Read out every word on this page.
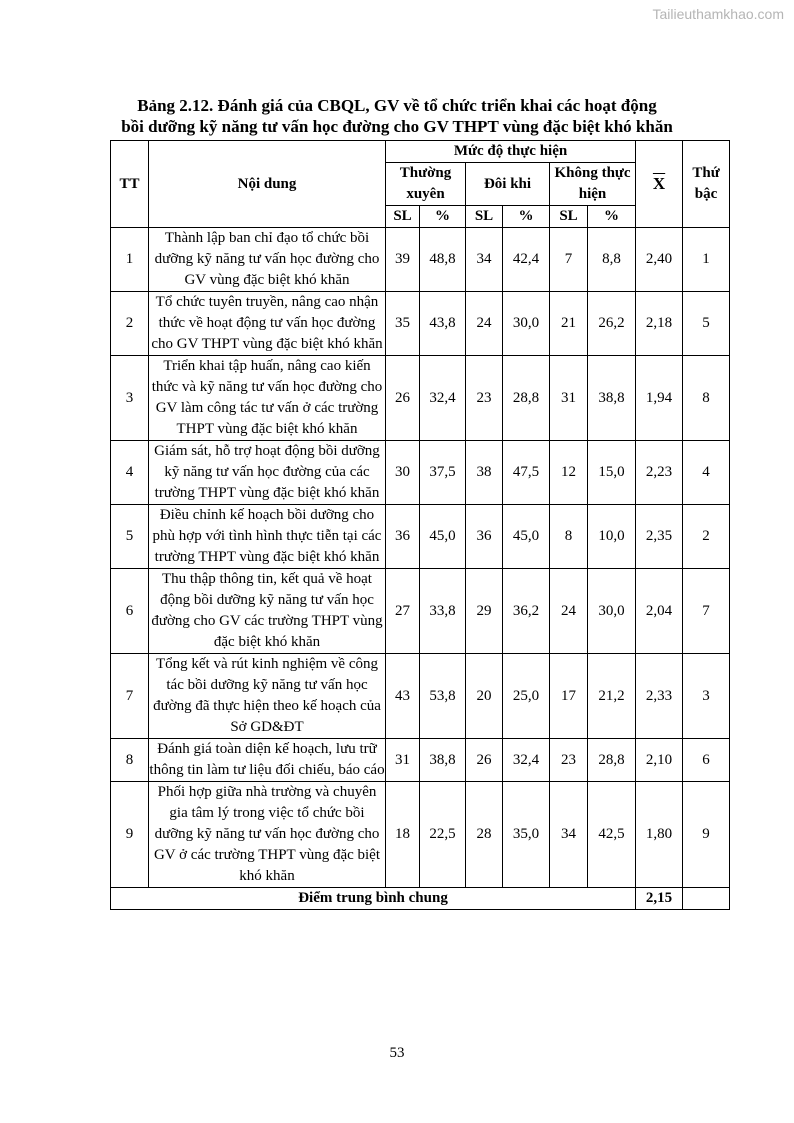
Tailieuthamkhao.com
Bảng 2.12. Đánh giá của CBQL, GV về tổ chức triển khai các hoạt động
bồi dưỡng kỹ năng tư vấn học đường cho GV THPT vùng đặc biệt khó khăn
TT	Nội dung	Mức độ thực hiện						$\overline{X}$	Thứ bậc
		Thường xuyên		Đôi khi		Không thực hiện			
		SL	%	SL	%	SL	%		
1	Thành lập ban chỉ đạo tổ chức bồi dưỡng kỹ năng tư vấn học đường cho GV vùng đặc biệt khó khăn	39	48,8	34	42,4	7	8,8	2,40	1
2	Tổ chức tuyên truyền, nâng cao nhận thức về hoạt động tư vấn học đường cho GV THPT vùng đặc biệt khó khăn	35	43,8	24	30,0	21	26,2	2,18	5
3	Triển khai tập huấn, nâng cao kiến thức và kỹ năng tư vấn học đường cho GV làm công tác tư vấn ở các trường THPT vùng đặc biệt khó khăn	26	32,4	23	28,8	31	38,8	1,94	8
4	Giám sát, hỗ trợ hoạt động bồi dưỡng kỹ năng tư vấn học đường của các trường THPT vùng đặc biệt khó khăn	30	37,5	38	47,5	12	15,0	2,23	4
5	Điều chỉnh kế hoạch bồi dưỡng cho phù hợp với tình hình thực tiễn tại các trường THPT vùng đặc biệt khó khăn	36	45,0	36	45,0	8	10,0	2,35	2
6	Thu thập thông tin, kết quả về hoạt động bồi dưỡng kỹ năng tư vấn học đường cho GV các trường THPT vùng đặc biệt khó khăn	27	33,8	29	36,2	24	30,0	2,04	7
7	Tổng kết và rút kinh nghiệm về công tác bồi dưỡng kỹ năng tư vấn học đường đã thực hiện theo kế hoạch của Sở GD&ĐT	43	53,8	20	25,0	17	21,2	2,33	3
8	Đánh giá toàn diện kế hoạch, lưu trữ thông tin làm tư liệu đối chiếu, báo cáo	31	38,8	26	32,4	23	28,8	2,10	6
9	Phối hợp giữa nhà trường và chuyên gia tâm lý trong việc tổ chức bồi dưỡng kỹ năng tư vấn học đường cho GV ở các trường THPT vùng đặc biệt khó khăn	18	22,5	28	35,0	34	42,5	1,80	9
Điểm trung bình chung								2,15	
53
